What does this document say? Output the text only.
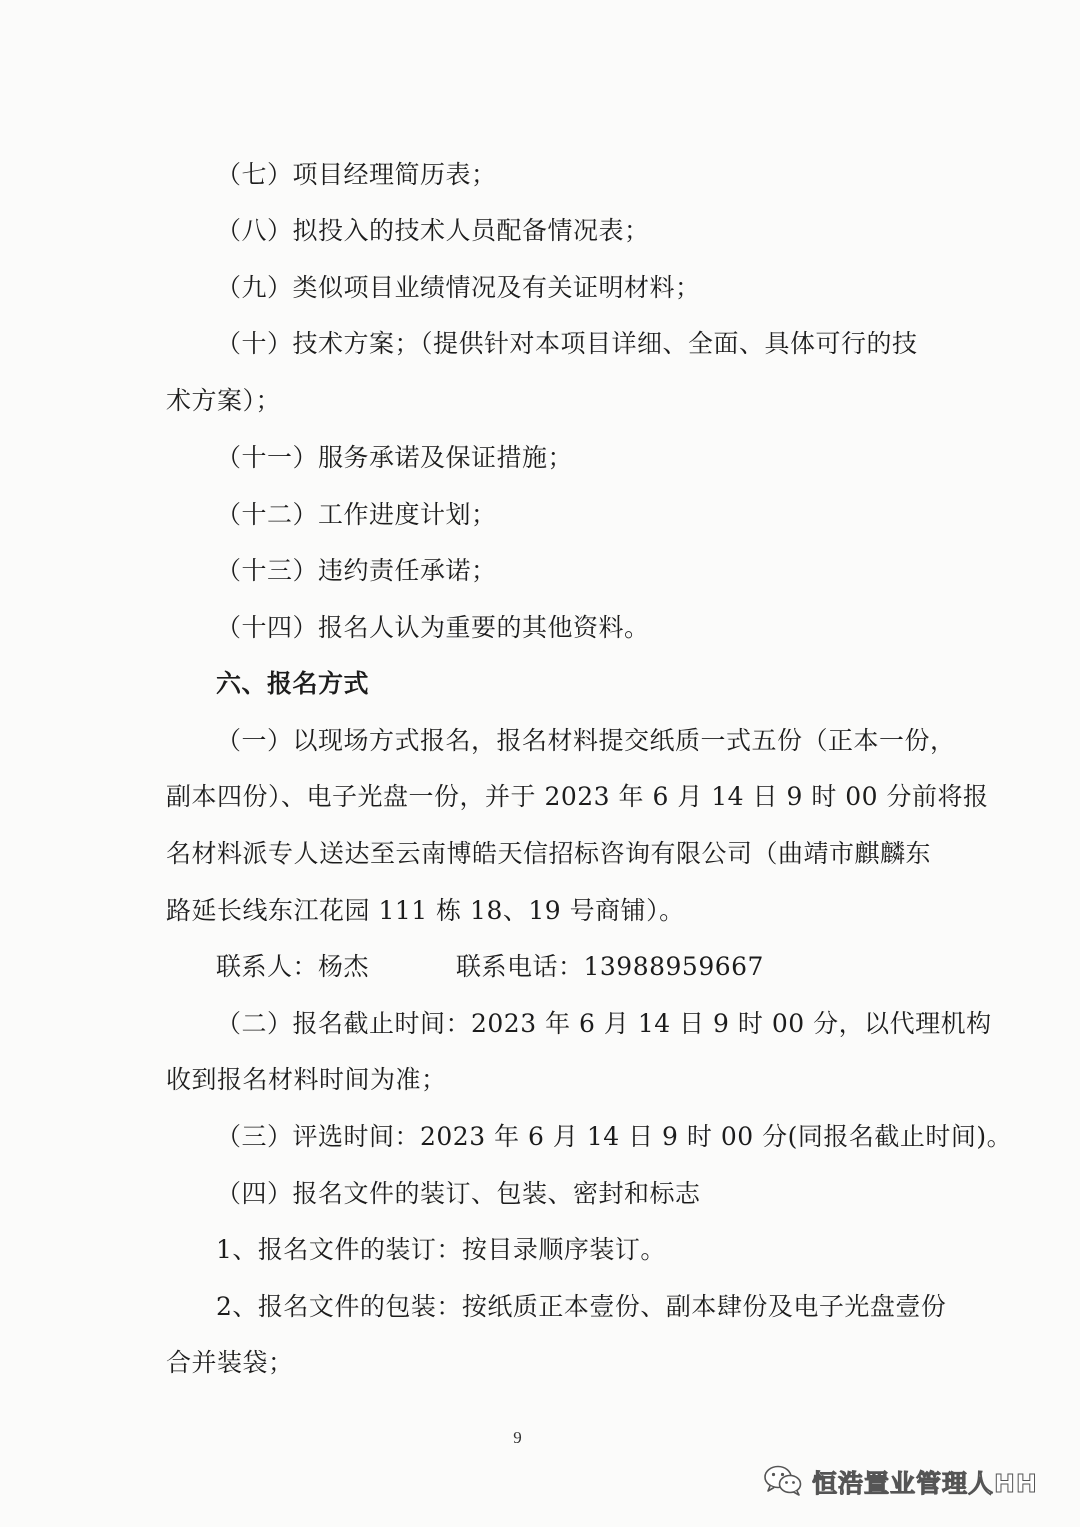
（七）项目经理简历表；
（八）拟投入的技术人员配备情况表；
（九）类似项目业绩情况及有关证明材料；
（十）技术方案；（提供针对本项目详细、全面、具体可行的技
术方案）；
（十一）服务承诺及保证措施；
（十二）工作进度计划；
（十三）违约责任承诺；
（十四）报名人认为重要的其他资料。
六、报名方式
（一）以现场方式报名，报名材料提交纸质一式五份（正本一份，
副本四份）、电子光盘一份，并于 2023 年 6 月 14 日 9 时 00 分前将报
名材料派专人送达至云南博皓天信招标咨询有限公司（曲靖市麒麟东
路延长线东江花园 111 栋 18、19 号商铺）。
联系人：杨杰	联系电话：13988959667
（二）报名截止时间：2023 年 6 月 14 日 9 时 00 分，以代理机构
收到报名材料时间为准；
（三）评选时间：2023 年 6 月 14 日 9 时 00 分(同报名截止时间)。
（四）报名文件的装订、包装、密封和标志
1、报名文件的装订：按目录顺序装订。
2、报名文件的包装：按纸质正本壹份、副本肆份及电子光盘壹份
合并装袋；
9
恒浩置业管理人HH
